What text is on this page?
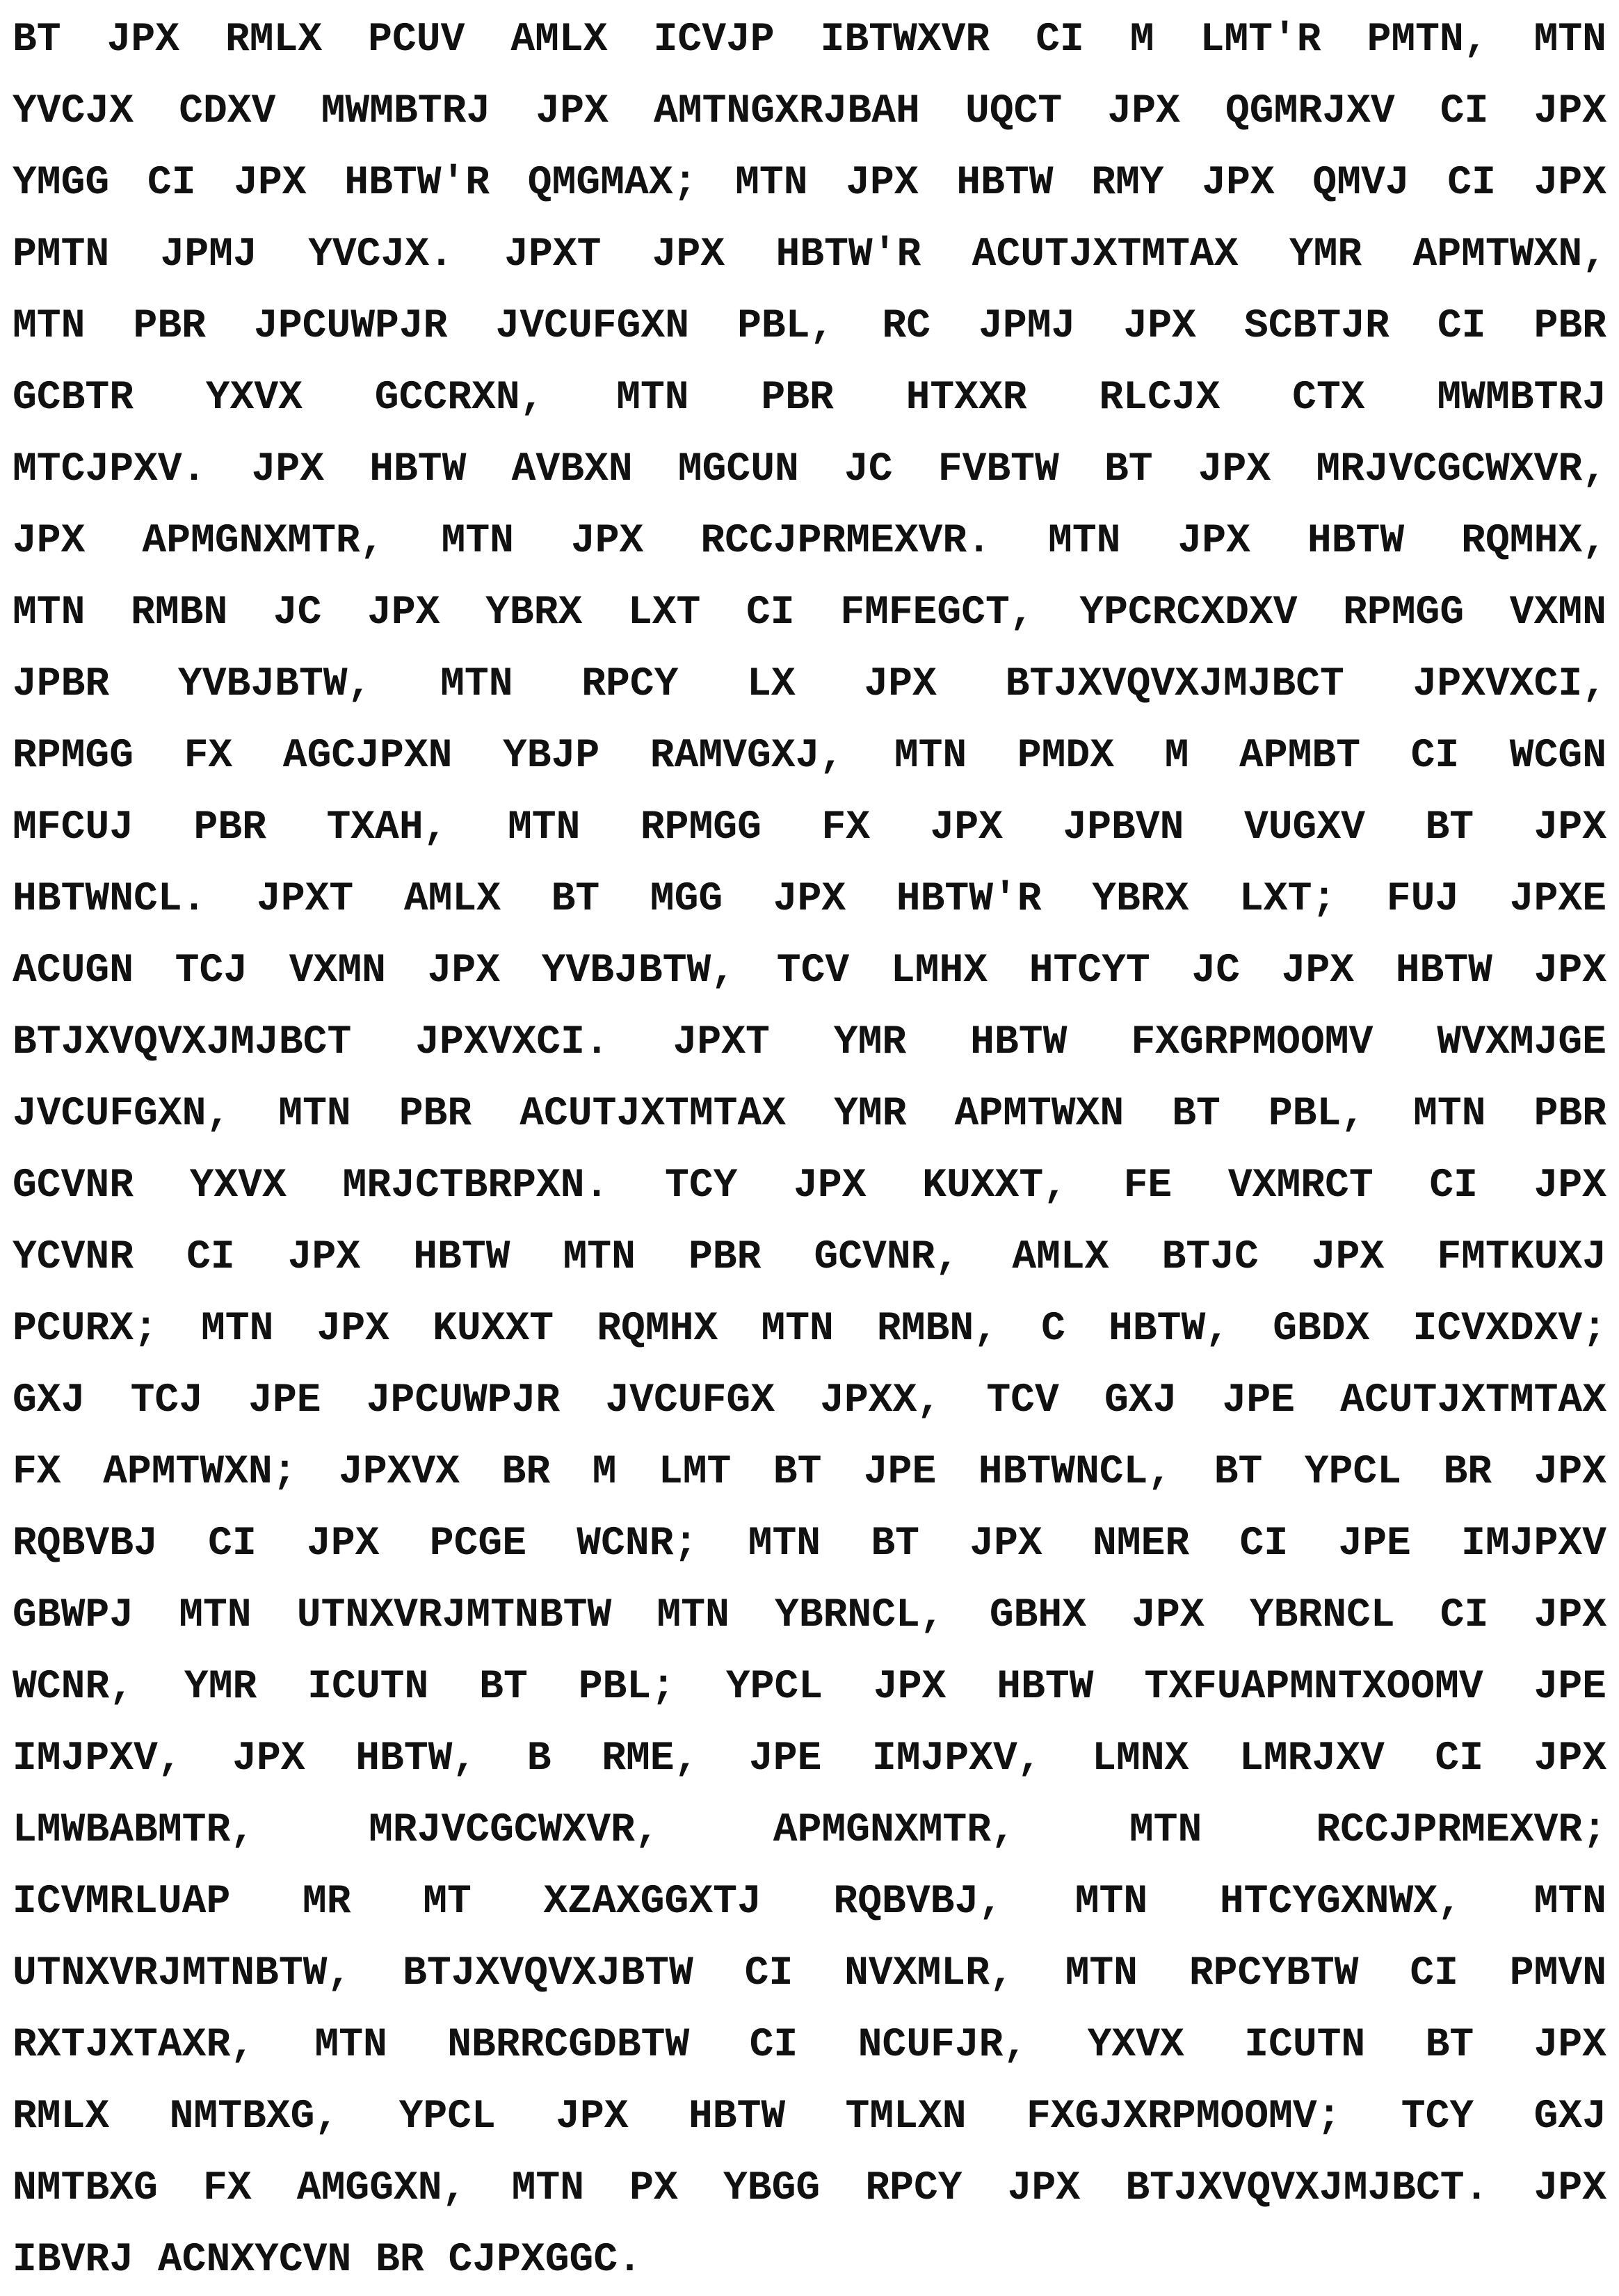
BT JPX RMLX PCUV AMLX ICVJP IBTWXVR CI M LMT'R PMTN, MTN
YVCJX CDXV MWMBTRJ JPX AMTNGXRJBAH UQCT JPX QGMRJXV CI JPX
YMGG CI JPX HBTW'R QMGMAX; MTN JPX HBTW RMY JPX QMVJ CI JPX
PMTN JPMJ YVCJX. JPXT JPX HBTW'R ACUTJXTMTAX YMR APMTWXN,
MTN PBR JPCUWPJR JVCUFGXN PBL, RC JPMJ JPX SCBTJR CI PBR
GCBTR YXVX GCCRXN, MTN PBR HTXXR RLCJX CTX MWMBTRJ
MTCJPXV. JPX HBTW AVBXN MGCUN JC FVBTW BT JPX MRJVCGCWXVR,
JPX APMGNXMTR, MTN JPX RCCJPRMEXVR. MTN JPX HBTW RQMHX,
MTN RMBN JC JPX YBRX LXT CI FMFEGCT, YPCRCXDXV RPMGG VXMN
JPBR YVBJBTW, MTN RPCY LX JPX BTJXVQVXJMJBCT JPXVXCI,
RPMGG FX AGCJPXN YBJP RAMVGXJ, MTN PMDX M APMBT CI WCGN
MFCUJ PBR TXAH, MTN RPMGG FX JPX JPBVN VUGXV BT JPX
HBTWNCL. JPXT AMLX BT MGG JPX HBTW'R YBRX LXT; FUJ JPXE
ACUGN TCJ VXMN JPX YVBJBTW, TCV LMHX HTCYT JC JPX HBTW JPX
BTJXVQVXJMJBCT JPXVXCI. JPXT YMR HBTW FXGRPMOOMV WVXMJGE
JVCUFGXN, MTN PBR ACUTJXTMTAX YMR APMTWXN BT PBL, MTN PBR
GCVNR YXVX MRJCTBRPXN. TCY JPX KUXXT, FE VXMRCT CI JPX
YCVNR CI JPX HBTW MTN PBR GCVNR, AMLX BTJC JPX FMTKUXJ
PCURX; MTN JPX KUXXT RQMHX MTN RMBN, C HBTW, GBDX ICVXDXV;
GXJ TCJ JPE JPCUWPJR JVCUFGX JPXX, TCV GXJ JPE ACUTJXTMTAX
FX APMTWXN; JPXVX BR M LMT BT JPE HBTWNCL, BT YPCL BR JPX
RQBVBJ CI JPX PCGE WCNR; MTN BT JPX NMER CI JPE IMJPXV
GBWPJ MTN UTNXVRJMTNBTW MTN YBRNCL, GBHX JPX YBRNCL CI JPX
WCNR, YMR ICUTN BT PBL; YPCL JPX HBTW TXFUAPMNTXOOMV JPE
IMJPXV, JPX HBTW, B RME, JPE IMJPXV, LMNX LMRJXV CI JPX
LMWBABMTR, MRJVCGCWXVR, APMGNXMTR, MTN RCCJPRMEXVR;
ICVMRLUAP MR MT XZAXGGXTJ RQBVBJ, MTN HTCYGXNWX, MTN
UTNXVRJMTNBTW, BTJXVQVXJBTW CI NVXMLR, MTN RPCYBTW CI PMVN
RXTJXTAXR, MTN NBRRCGDBTW CI NCUFJR, YXVX ICUTN BT JPX
RMLX NMTBXG, YPCL JPX HBTW TMLXN FXGJXRPMOOMV; TCY GXJ
NMTBXG FX AMGGXN, MTN PX YBGG RPCY JPX BTJXVQVXJMJBCT. JPX
IBVRJ ACNXYCVN BR CJPXGGC.
